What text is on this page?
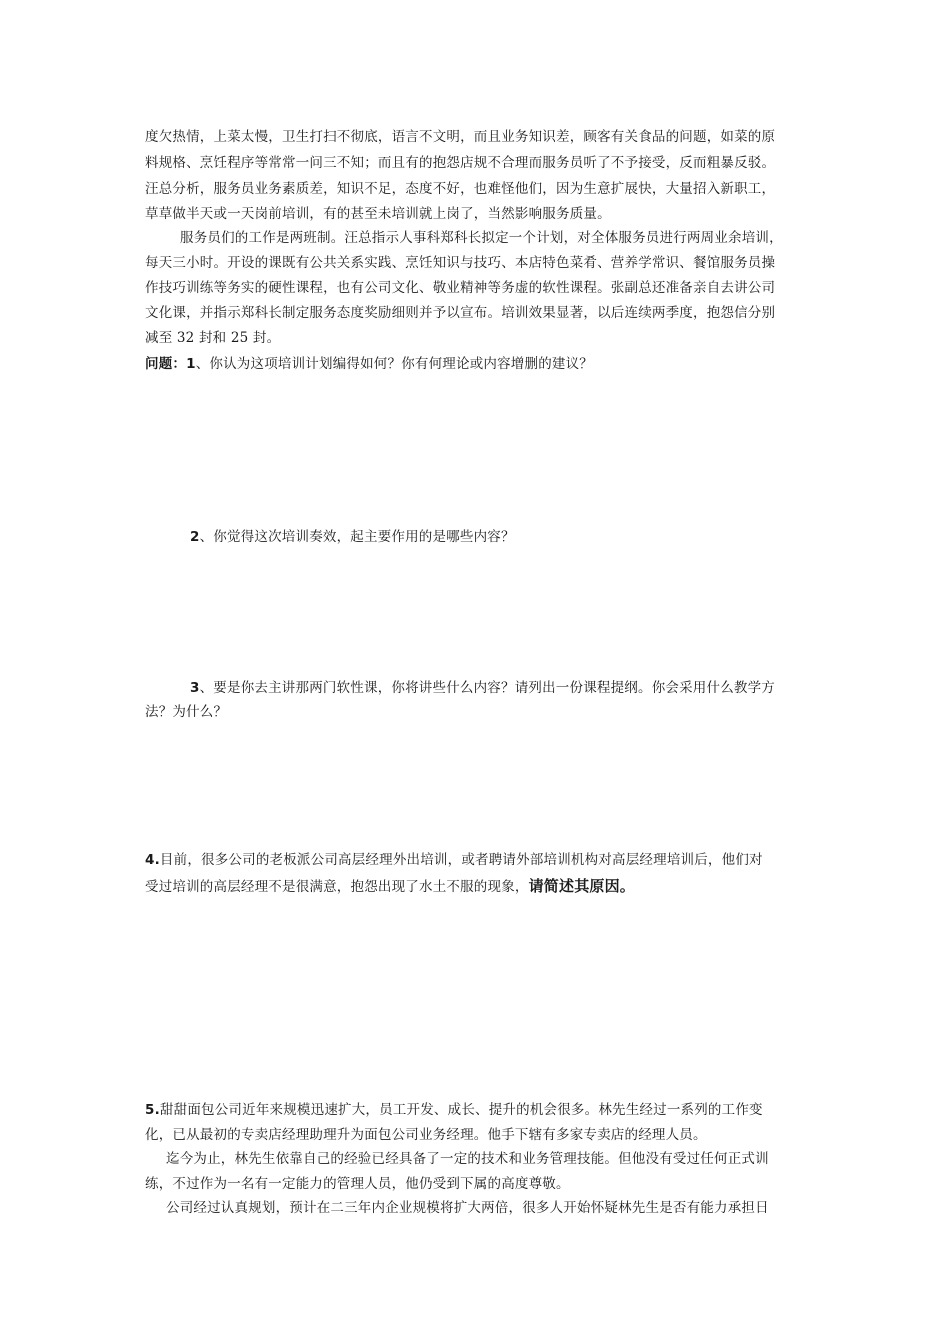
度欠热情，上菜太慢，卫生打扫不彻底，语言不文明，而且业务知识差，顾客有关食品的问题，如菜的原
料规格、烹饪程序等常常一问三不知；而且有的抱怨店规不合理而服务员听了不予接受，反而粗暴反驳。
汪总分析，服务员业务素质差，知识不足，态度不好，也难怪他们，因为生意扩展快，大量招入新职工，
草草做半天或一天岗前培训，有的甚至未培训就上岗了，当然影响服务质量。
服务员们的工作是两班制。汪总指示人事科郑科长拟定一个计划，对全体服务员进行两周业余培训，
每天三小时。开设的课既有公共关系实践、烹饪知识与技巧、本店特色菜肴、营养学常识、餐馆服务员操
作技巧训练等务实的硬性课程，也有公司文化、敬业精神等务虚的软性课程。张副总还准备亲自去讲公司
文化课，并指示郑科长制定服务态度奖励细则并予以宣布。培训效果显著，以后连续两季度，抱怨信分别
减至 32 封和 25 封。
问题：1、你认为这项培训计划编得如何？你有何理论或内容增删的建议？
2、你觉得这次培训奏效，起主要作用的是哪些内容？
3、要是你去主讲那两门软性课，你将讲些什么内容？请列出一份课程提纲。你会采用什么教学方
法？为什么？
4.目前，很多公司的老板派公司高层经理外出培训，或者聘请外部培训机构对高层经理培训后，他们对
受过培训的高层经理不是很满意，抱怨出现了水土不服的现象，请简述其原因。
5.甜甜面包公司近年来规模迅速扩大，员工开发、成长、提升的机会很多。林先生经过一系列的工作变
化，已从最初的专卖店经理助理升为面包公司业务经理。他手下辖有多家专卖店的经理人员。
迄今为止，林先生依靠自己的经验已经具备了一定的技术和业务管理技能。但他没有受过任何正式训
练，不过作为一名有一定能力的管理人员，他仍受到下属的高度尊敬。
公司经过认真规划，预计在二三年内企业规模将扩大两倍，很多人开始怀疑林先生是否有能力承担日
